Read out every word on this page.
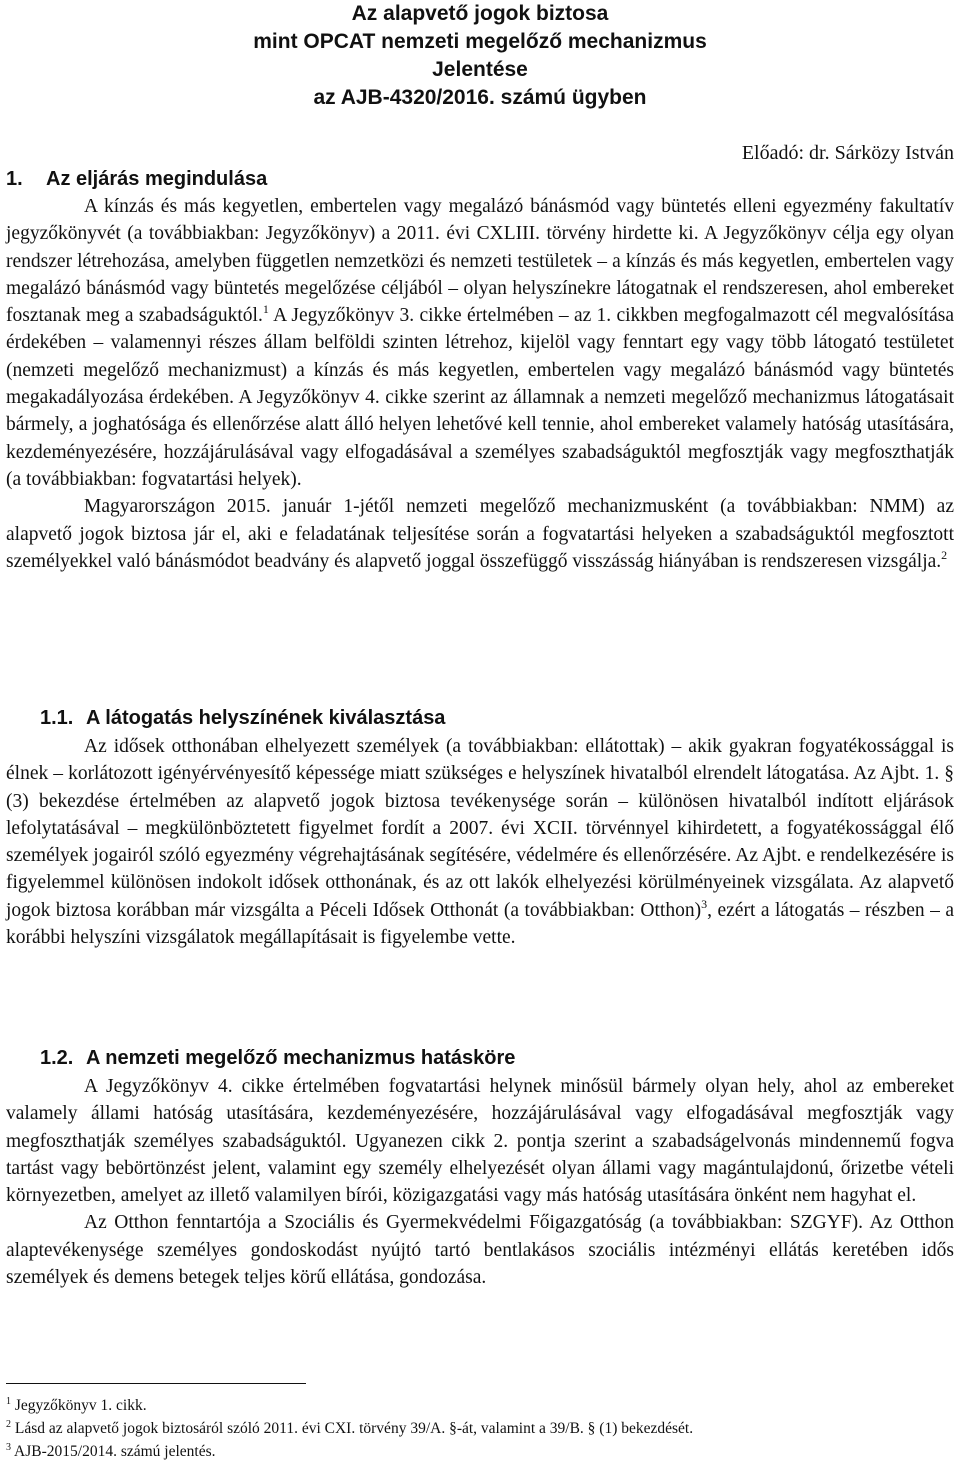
Az alapvető jogok biztosa
mint OPCAT nemzeti megelőző mechanizmus
Jelentése
az AJB-4320/2016. számú ügyben
Előadó: dr. Sárközy István
1. Az eljárás megindulása

A kínzás és más kegyetlen, embertelen vagy megalázó bánásmód vagy büntetés elleni egyezmény fakultatív jegyzőkönyvét (a továbbiakban: Jegyzőkönyv) a 2011. évi CXLIII. törvény hirdette ki. A Jegyzőkönyv célja egy olyan rendszer létrehozása, amelyben független nemzetközi és nemzeti testületek – a kínzás és más kegyetlen, embertelen vagy megalázó bánásmód vagy büntetés megelőzése céljából – olyan helyszínekre látogatnak el rendszeresen, ahol embereket fosztanak meg a szabadságuktól.$^1$ A Jegyzőkönyv 3. cikke értelmében – az 1. cikkben megfogalmazott cél megvalósítása érdekében – valamennyi részes állam belföldi szinten létrehoz, kijelöl vagy fenntart egy vagy több látogató testületet (nemzeti megelőző mechanizmust) a kínzás és más kegyetlen, embertelen vagy megalázó bánásmód vagy büntetés megakadályozása érdekében. A Jegyzőkönyv 4. cikke szerint az államnak a nemzeti megelőző mechanizmus látogatásait bármely, a joghatósága és ellenőrzése alatt álló helyen lehetővé kell tennie, ahol embereket valamely hatóság utasítására, kezdeményezésére, hozzájárulásával vagy elfogadásával a személyes szabadságuktól megfosztják vagy megfoszthatják (a továbbiakban: fogvatartási helyek).

Magyarországon 2015. január 1-jétől nemzeti megelőző mechanizmusként (a továbbiakban: NMM) az alapvető jogok biztosa jár el, aki e feladatának teljesítése során a fogvatartási helyeken a szabadságuktól megfosztott személyekkel való bánásmódot beadvány és alapvető joggal összefüggő visszásság hiányában is rendszeresen vizsgálja.$^2$

1.1. A látogatás helyszínének kiválasztása

Az idősek otthonában elhelyezett személyek (a továbbiakban: ellátottak) – akik gyakran fogyatékossággal is élnek – korlátozott igényérvényesítő képessége miatt szükséges e helyszínek hivatalból elrendelt látogatása. Az Ajbt. 1. § (3) bekezdése értelmében az alapvető jogok biztosa tevékenysége során – különösen hivatalból indított eljárások lefolytatásával – megkülönböztetett figyelmet fordít a 2007. évi XCII. törvénnyel kihirdetett, a fogyatékossággal élő személyek jogairól szóló egyezmény végrehajtásának segítésére, védelmére és ellenőrzésére. Az Ajbt. e rendelkezésére is figyelemmel különösen indokolt idősek otthonának, és az ott lakók elhelyezési körülményeinek vizsgálata. Az alapvető jogok biztosa korábban már vizsgálta a Péceli Idősek Otthonát (a továbbiakban: Otthon)$^3$, ezért a látogatás – részben – a korábbi helyszíni vizsgálatok megállapításait is figyelembe vette.

1.2. A nemzeti megelőző mechanizmus hatásköre

A Jegyzőkönyv 4. cikke értelmében fogvatartási helynek minősül bármely olyan hely, ahol az embereket valamely állami hatóság utasítására, kezdeményezésére, hozzájárulásával vagy elfogadásával megfosztják vagy megfoszthatják személyes szabadságuktól. Ugyanezen cikk 2. pontja szerint a szabadságelvonás mindennemű fogva tartást vagy bebörtönzést jelent, valamint egy személy elhelyezését olyan állami vagy magántulajdonú, őrizetbe vételi környezetben, amelyet az illető valamilyen bírói, közigazgatási vagy más hatóság utasítására önként nem hagyhat el.

Az Otthon fenntartója a Szociális és Gyermekvédelmi Főigazgatóság (a továbbiakban: SZGYF). Az Otthon alaptevékenysége személyes gondoskodást nyújtó tartó bentlakásos szociális intézményi ellátás keretében idős személyek és demens betegek teljes körű ellátása, gondozása.

$^1$ Jegyzőkönyv 1. cikk.
$^2$ Lásd az alapvető jogok biztosáról szóló 2011. évi CXI. törvény 39/A. §-át, valamint a 39/B. § (1) bekezdését.
$^3$ AJB-2015/2014. számú jelentés.
